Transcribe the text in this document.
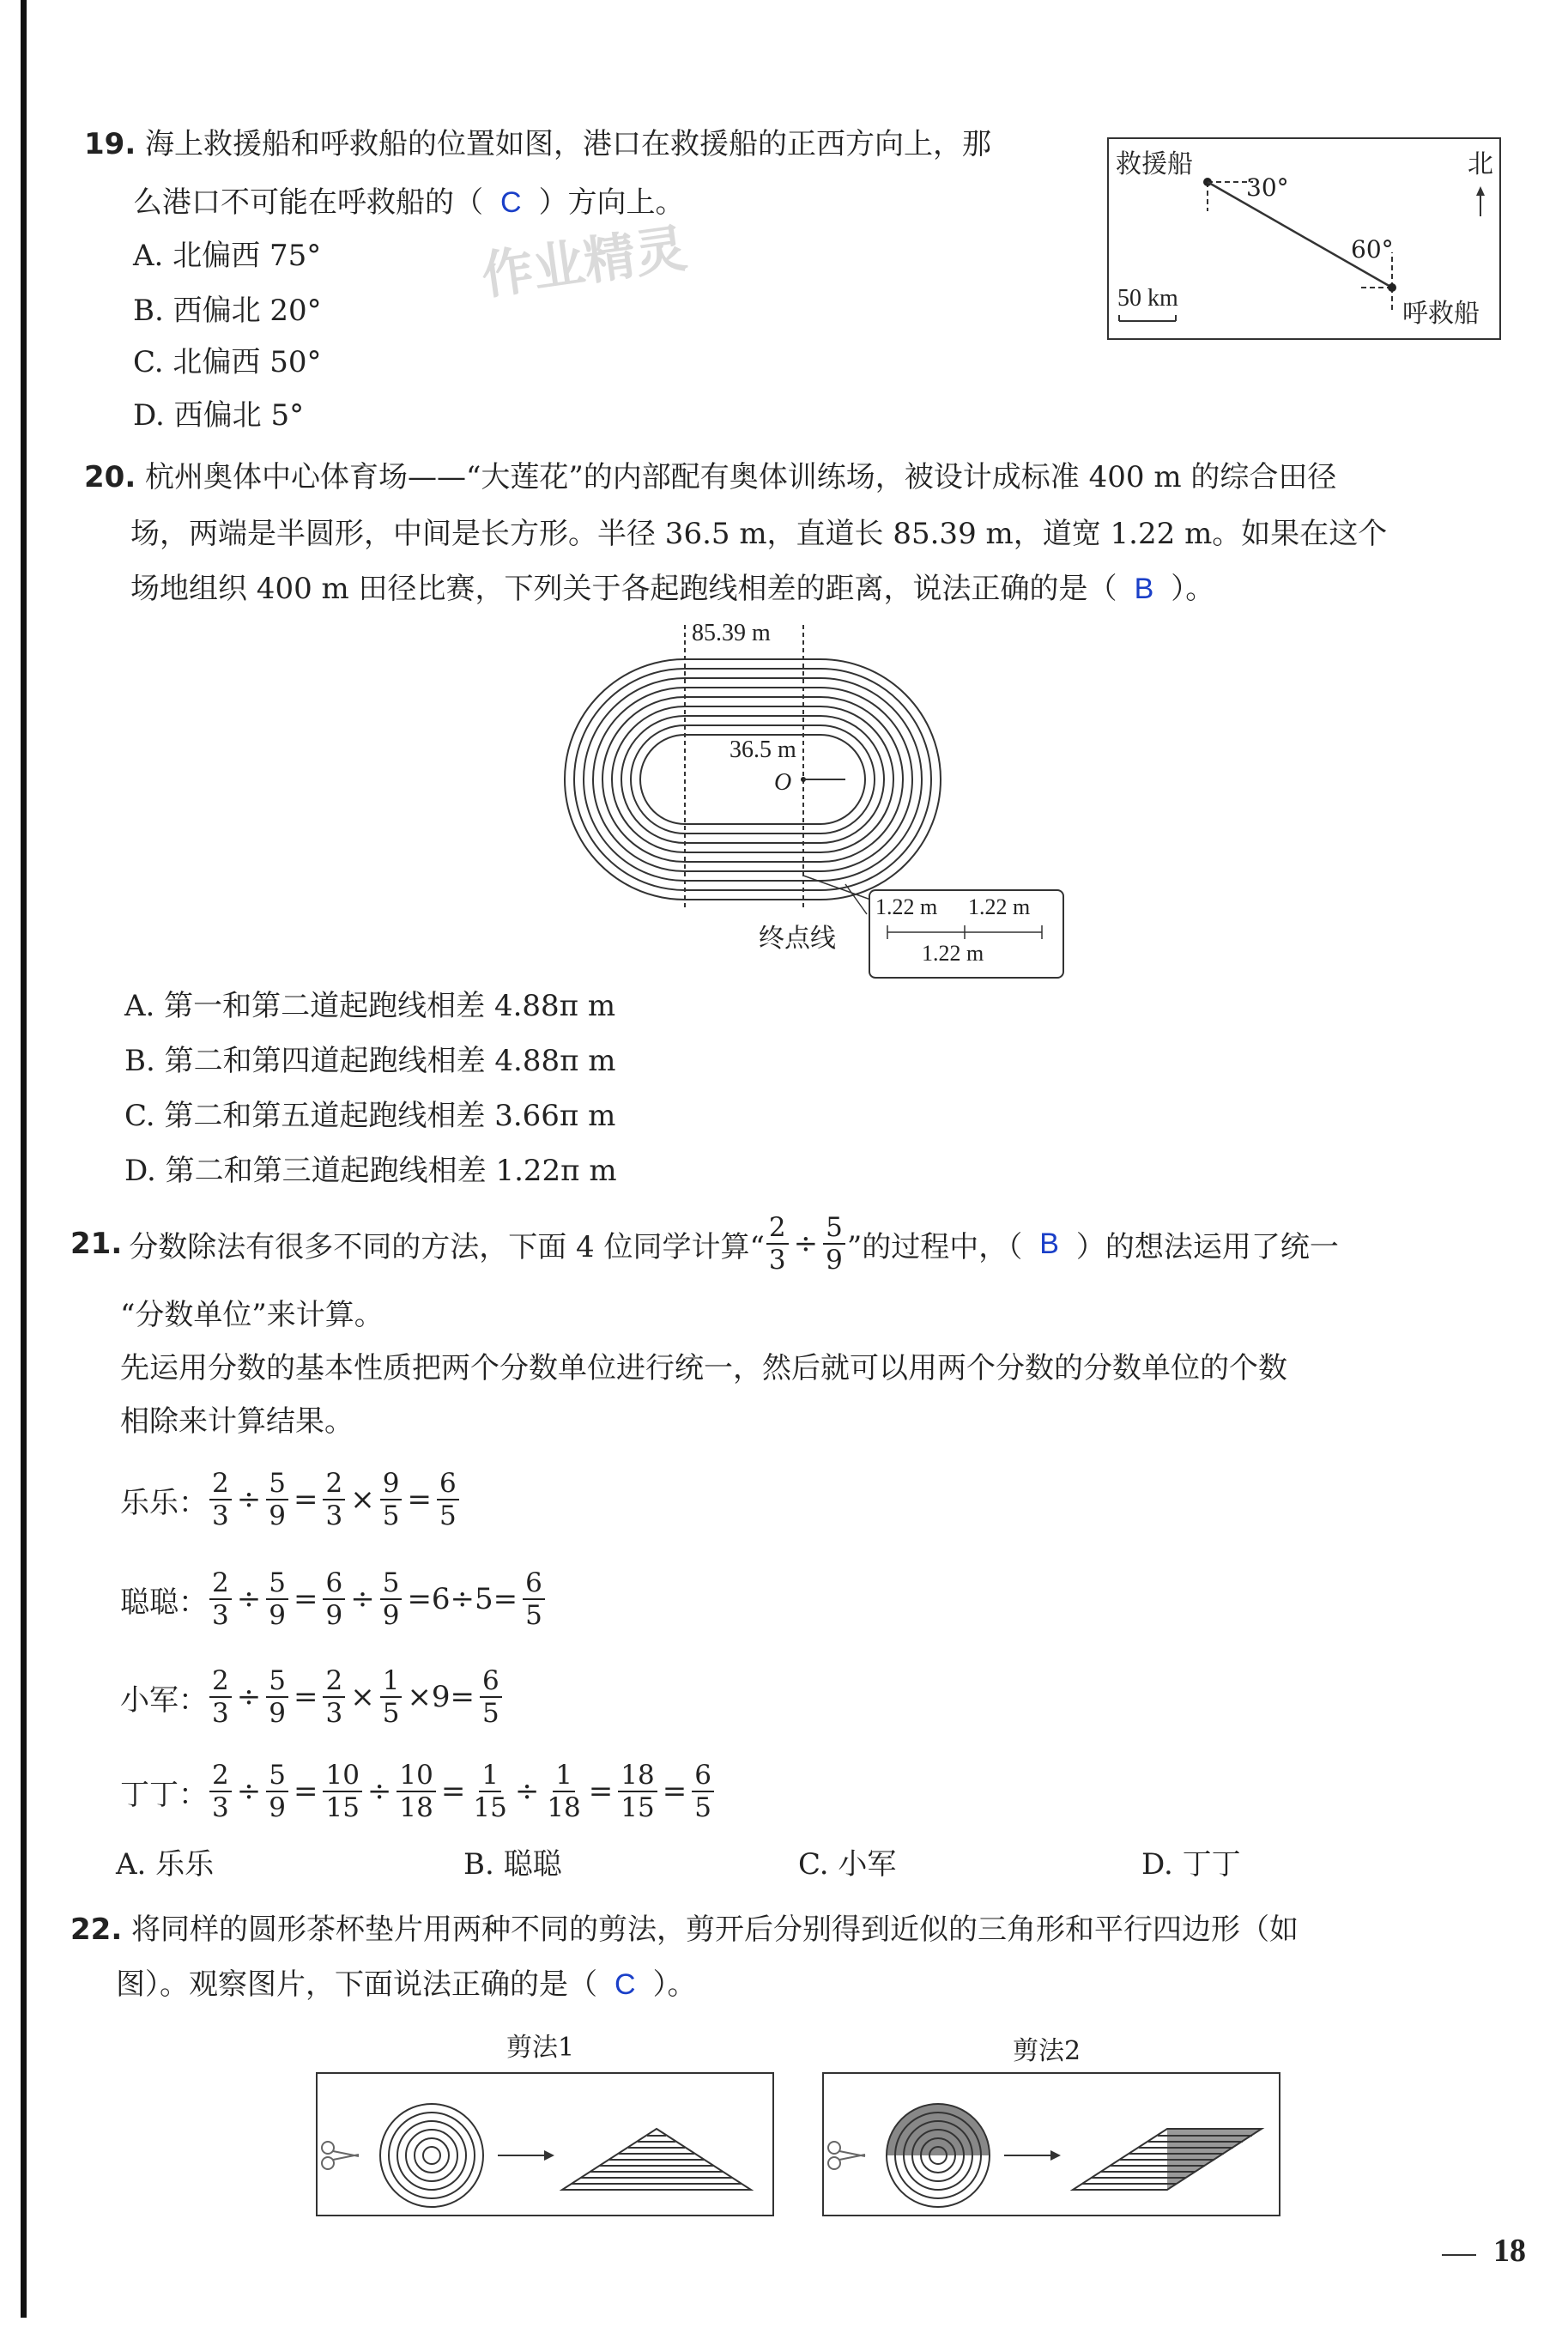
19. 海上救援船和呼救船的位置如图，港口在救援船的正西方向上，那
么港口不可能在呼救船的（ C ）方向上。
作业精灵
A. 北偏西 75°
B. 西偏北 20°
C. 北偏西 50°
D. 西偏北 5°
救援船
30°
北
60°
50 km
呼救船
20. 杭州奥体中心体育场——“大莲花”的内部配有奥体训练场，被设计成标准 400 m 的综合田径
场，两端是半圆形，中间是长方形。半径 36.5 m，直道长 85.39 m，道宽 1.22 m。如果在这个
场地组织 400 m 田径比赛，下列关于各起跑线相差的距离，说法正确的是（ B ）。
85.39 m
36.5 m
O
终点线
1.22 m 1.22 m
1.22 m
A. 第一和第二道起跑线相差 4.88π m
B. 第二和第四道起跑线相差 4.88π m
C. 第二和第五道起跑线相差 3.66π m
D. 第二和第三道起跑线相差 1.22π m
21. 分数除法有很多不同的方法，下面 4 位同学计算“ $\frac{2}{3} \div \frac{5}{9}$ ”的过程中，（ B ）的想法运用了统一
“分数单位”来计算。
先运用分数的基本性质把两个分数单位进行统一，然后就可以用两个分数的分数单位的个数
相除来计算结果。
乐乐： $\frac{2}{3} \div \frac{5}{9} = \frac{2}{3} \times \frac{9}{5} = \frac{6}{5}$
聪聪： $\frac{2}{3} \div \frac{5}{9} = \frac{6}{9} \div \frac{5}{9} =6\div 5= \frac{6}{5}$
小军： $\frac{2}{3} \div \frac{5}{9} = \frac{2}{3} \times \frac{1}{5} \times 9= \frac{6}{5}$
丁丁： $\frac{2}{3} \div \frac{5}{9} = \frac{10}{15} \div \frac{10}{18} = \frac{1}{15} \div \frac{1}{18} = \frac{18}{15} = \frac{6}{5}$
A. 乐乐	B. 聪聪	C. 小军	D. 丁丁
22. 将同样的圆形茶杯垫片用两种不同的剪法，剪开后分别得到近似的三角形和平行四边形（如
图）。观察图片，下面说法正确的是（ C ）。
剪法1	剪法2
18
